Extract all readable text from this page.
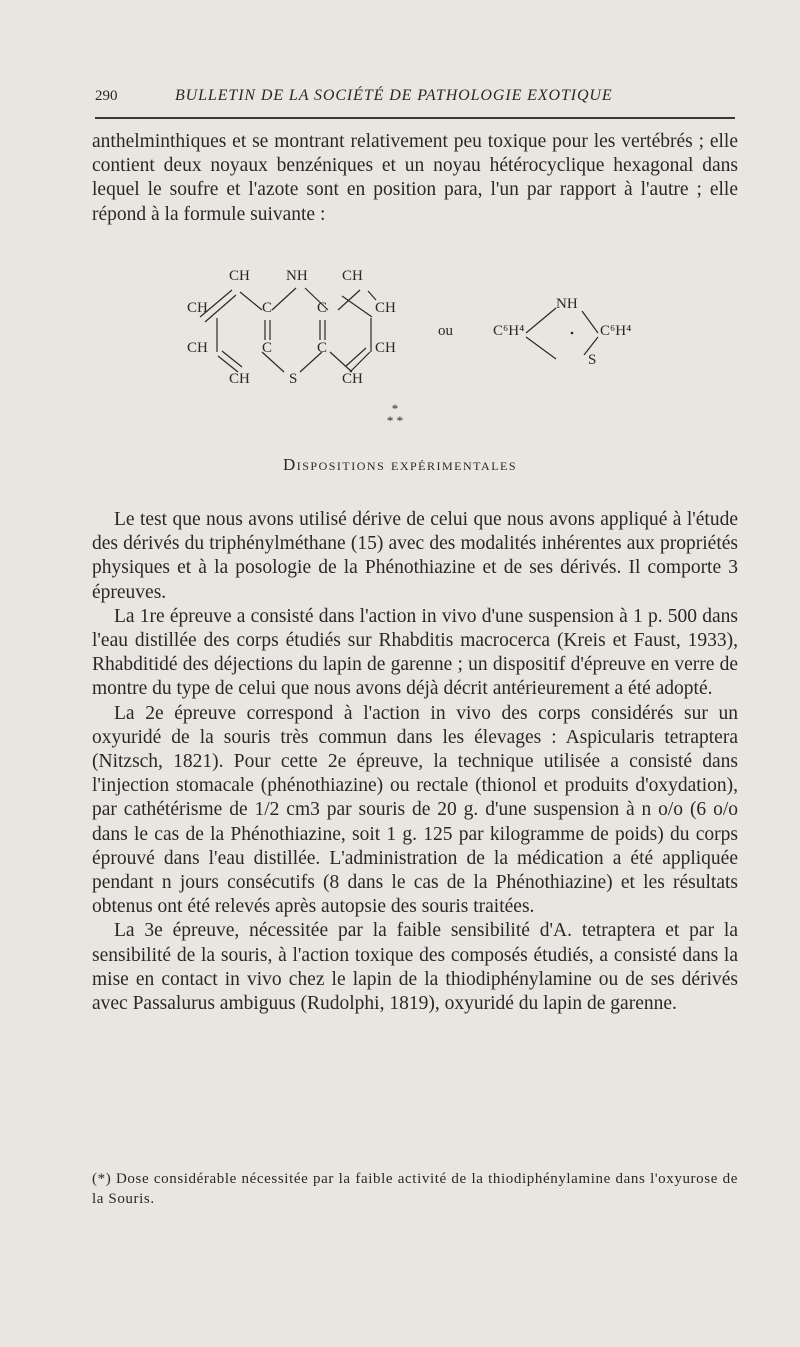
290	BULLETIN DE LA SOCIÉTÉ DE PATHOLOGIE EXOTIQUE

anthelminthiques et se montrant relativement peu toxique pour les vertébrés ; elle contient deux noyaux benzéniques et un noyau hétérocyclique hexagonal dans lequel le soufre et l'azote sont en position para, l'un par rapport à l'autre ; elle répond à la formule suivante :

CH NH CH
CH	C	C	CH
CH	C	C	CH
CH	S	CH
ou	C⁶H⁴
NH
S
C⁶H⁴
*
* *
Dispositions expérimentales

Le test que nous avons utilisé dérive de celui que nous avons appliqué à l'étude des dérivés du triphénylméthane (15) avec des modalités inhérentes aux propriétés physiques et à la posologie de la Phénothiazine et de ses dérivés. Il comporte 3 épreuves.

La 1re épreuve a consisté dans l'action in vivo d'une suspension à 1 p. 500 dans l'eau distillée des corps étudiés sur Rhabditis macrocerca (Kreis et Faust, 1933), Rhabditidé des déjections du lapin de garenne ; un dispositif d'épreuve en verre de montre du type de celui que nous avons déjà décrit antérieurement a été adopté.

La 2e épreuve correspond à l'action in vivo des corps considérés sur un oxyuridé de la souris très commun dans les élevages : Aspicularis tetraptera (Nitzsch, 1821). Pour cette 2e épreuve, la technique utilisée a consisté dans l'injection stomacale (phénothiazine) ou rectale (thionol et produits d'oxydation), par cathétérisme de 1/2 cm3 par souris de 20 g. d'une suspension à n o/o (6 o/o dans le cas de la Phénothiazine, soit 1 g. 125 par kilogramme de poids) du corps éprouvé dans l'eau distillée. L'administration de la médication a été appliquée pendant n jours consécutifs (8 dans le cas de la Phénothiazine) et les résultats obtenus ont été relevés après autopsie des souris traitées.

La 3e épreuve, nécessitée par la faible sensibilité d'A. tetraptera et par la sensibilité de la souris, à l'action toxique des composés étudiés, a consisté dans la mise en contact in vivo chez le lapin de la thiodiphénylamine ou de ses dérivés avec Passalurus ambiguus (Rudolphi, 1819), oxyuridé du lapin de garenne.

(*) Dose considérable nécessitée par la faible activité de la thiodiphénylamine dans l'oxyurose de la Souris.
